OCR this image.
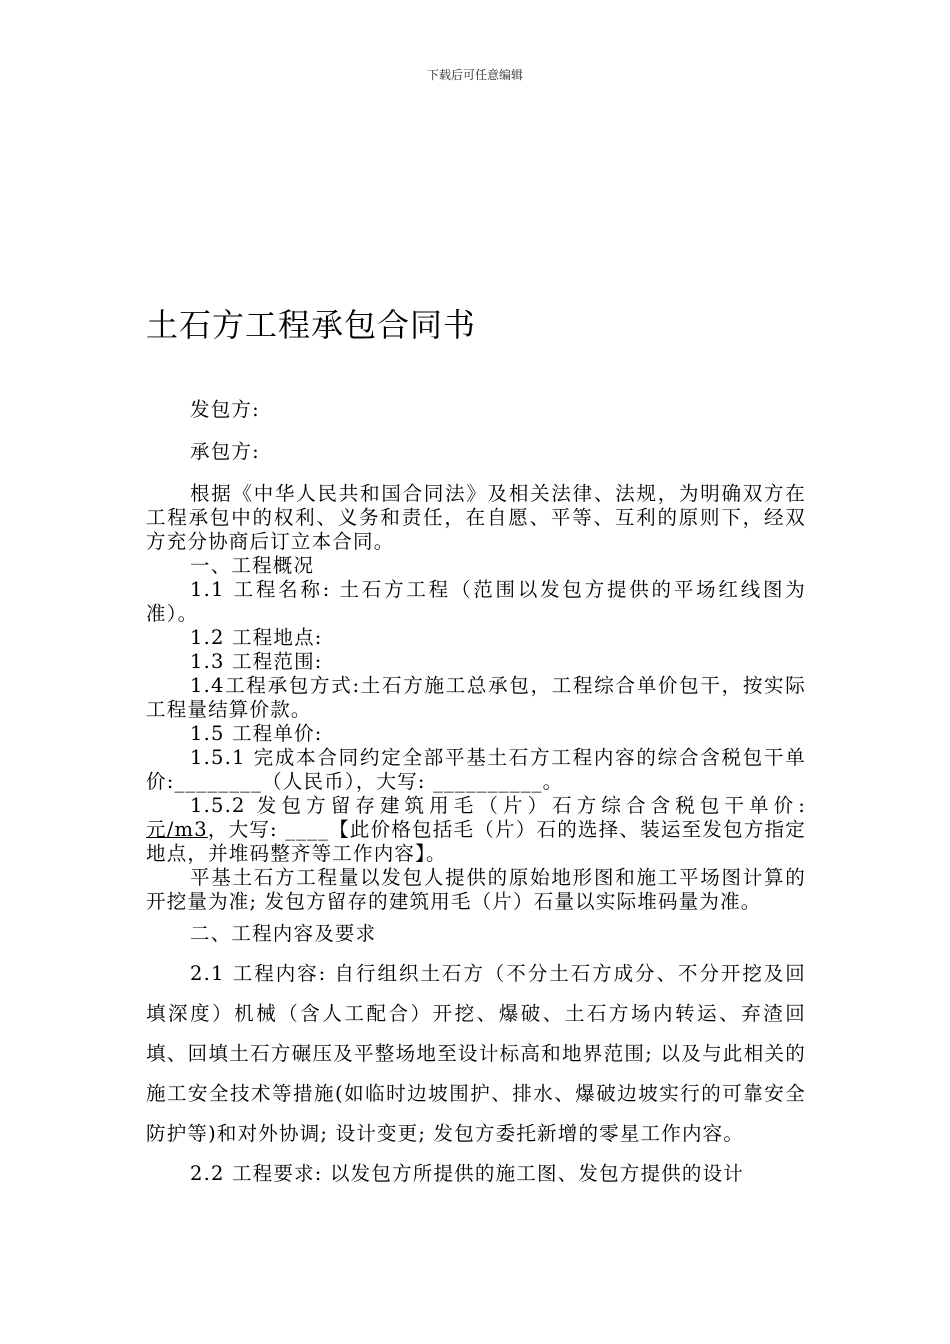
下载后可任意编辑
土石方工程承包合同书

发包方:

承包方:

根据《中华人民共和国合同法》及相关法律、法规，为明确双方在工程承包中的权利、义务和责任，在自愿、平等、互利的原则下，经双方充分协商后订立本合同。

一、工程概况

1.1 工程名称: 土石方工程（范围以发包方提供的平场红线图为准）。

1.2 工程地点:

1.3 工程范围:

1.4工程承包方式:土石方施工总承包，工程综合单价包干，按实际工程量结算价款。

1.5 工程单价:

1.5.1 完成本合同约定全部平基土石方工程内容的综合含税包干单价:________（人民币），大写: __________。

1.5.2 发包方留存建筑用毛（片）石方综合含税包干单价: 元/m3，大写: ____【此价格包括毛（片）石的选择、装运至发包方指定地点，并堆码整齐等工作内容】。

平基土石方工程量以发包人提供的原始地形图和施工平场图计算的开挖量为准; 发包方留存的建筑用毛（片）石量以实际堆码量为准。

二、工程内容及要求

2.1 工程内容: 自行组织土石方（不分土石方成分、不分开挖及回填深度）机械（含人工配合）开挖、爆破、土石方场内转运、弃渣回填、回填土石方碾压及平整场地至设计标高和地界范围; 以及与此相关的施工安全技术等措施(如临时边坡围护、排水、爆破边坡实行的可靠安全防护等)和对外协调; 设计变更; 发包方委托新增的零星工作内容。

2.2 工程要求: 以发包方所提供的施工图、发包方提供的设计
